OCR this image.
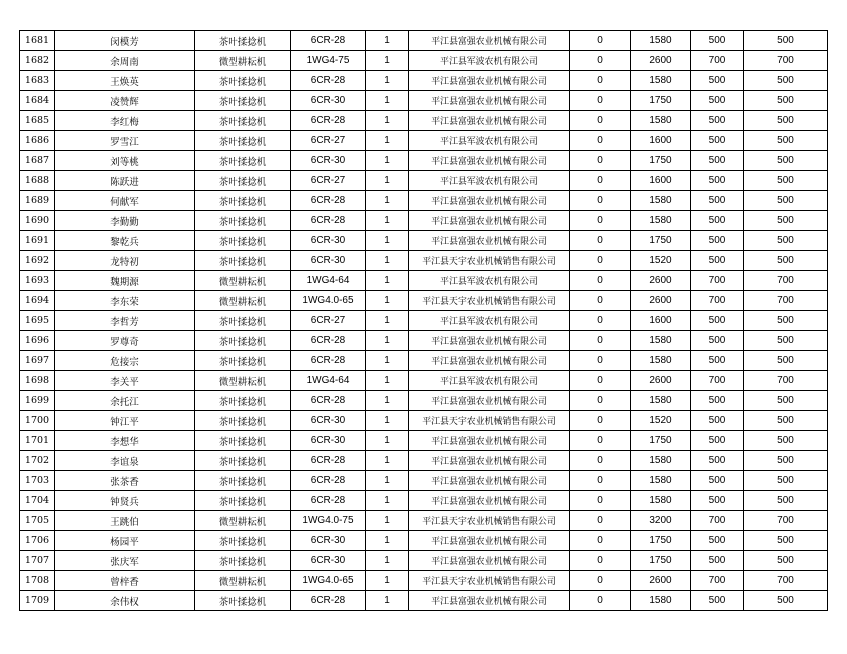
1681	闵模芳	茶叶揉捻机	6CR-28	1	平江县富强农业机械有限公司	0	1580	500	500
1682	余周南	微型耕耘机	1WG4-75	1	平江县军波农机有限公司	0	2600	700	700
1683	王焕英	茶叶揉捻机	6CR-28	1	平江县富强农业机械有限公司	0	1580	500	500
1684	凌赞辉	茶叶揉捻机	6CR-30	1	平江县富强农业机械有限公司	0	1750	500	500
1685	李红梅	茶叶揉捻机	6CR-28	1	平江县富强农业机械有限公司	0	1580	500	500
1686	罗雪江	茶叶揉捻机	6CR-27	1	平江县军波农机有限公司	0	1600	500	500
1687	刘等桃	茶叶揉捻机	6CR-30	1	平江县富强农业机械有限公司	0	1750	500	500
1688	陈跃进	茶叶揉捻机	6CR-27	1	平江县军波农机有限公司	0	1600	500	500
1689	何献军	茶叶揉捻机	6CR-28	1	平江县富强农业机械有限公司	0	1580	500	500
1690	李勤勤	茶叶揉捻机	6CR-28	1	平江县富强农业机械有限公司	0	1580	500	500
1691	黎乾兵	茶叶揉捻机	6CR-30	1	平江县富强农业机械有限公司	0	1750	500	500
1692	龙特初	茶叶揉捻机	6CR-30	1	平江县天宇农业机械销售有限公司	0	1520	500	500
1693	魏期源	微型耕耘机	1WG4-64	1	平江县军波农机有限公司	0	2600	700	700
1694	李东荣	微型耕耘机	1WG4.0-65	1	平江县天宇农业机械销售有限公司	0	2600	700	700
1695	李哲芳	茶叶揉捻机	6CR-27	1	平江县军波农机有限公司	0	1600	500	500
1696	罗尊奇	茶叶揉捻机	6CR-28	1	平江县富强农业机械有限公司	0	1580	500	500
1697	危接宗	茶叶揉捻机	6CR-28	1	平江县富强农业机械有限公司	0	1580	500	500
1698	李关平	微型耕耘机	1WG4-64	1	平江县军波农机有限公司	0	2600	700	700
1699	余托江	茶叶揉捻机	6CR-28	1	平江县富强农业机械有限公司	0	1580	500	500
1700	钟江平	茶叶揉捻机	6CR-30	1	平江县天宇农业机械销售有限公司	0	1520	500	500
1701	李想华	茶叶揉捻机	6CR-30	1	平江县富强农业机械有限公司	0	1750	500	500
1702	李谊泉	茶叶揉捻机	6CR-28	1	平江县富强农业机械有限公司	0	1580	500	500
1703	张茶香	茶叶揉捻机	6CR-28	1	平江县富强农业机械有限公司	0	1580	500	500
1704	钟贤兵	茶叶揉捻机	6CR-28	1	平江县富强农业机械有限公司	0	1580	500	500
1705	王跳伯	微型耕耘机	1WG4.0-75	1	平江县天宇农业机械销售有限公司	0	3200	700	700
1706	杨园平	茶叶揉捻机	6CR-30	1	平江县富强农业机械有限公司	0	1750	500	500
1707	张庆军	茶叶揉捻机	6CR-30	1	平江县富强农业机械有限公司	0	1750	500	500
1708	曾梓香	微型耕耘机	1WG4.0-65	1	平江县天宇农业机械销售有限公司	0	2600	700	700
1709	余伟权	茶叶揉捻机	6CR-28	1	平江县富强农业机械有限公司	0	1580	500	500
